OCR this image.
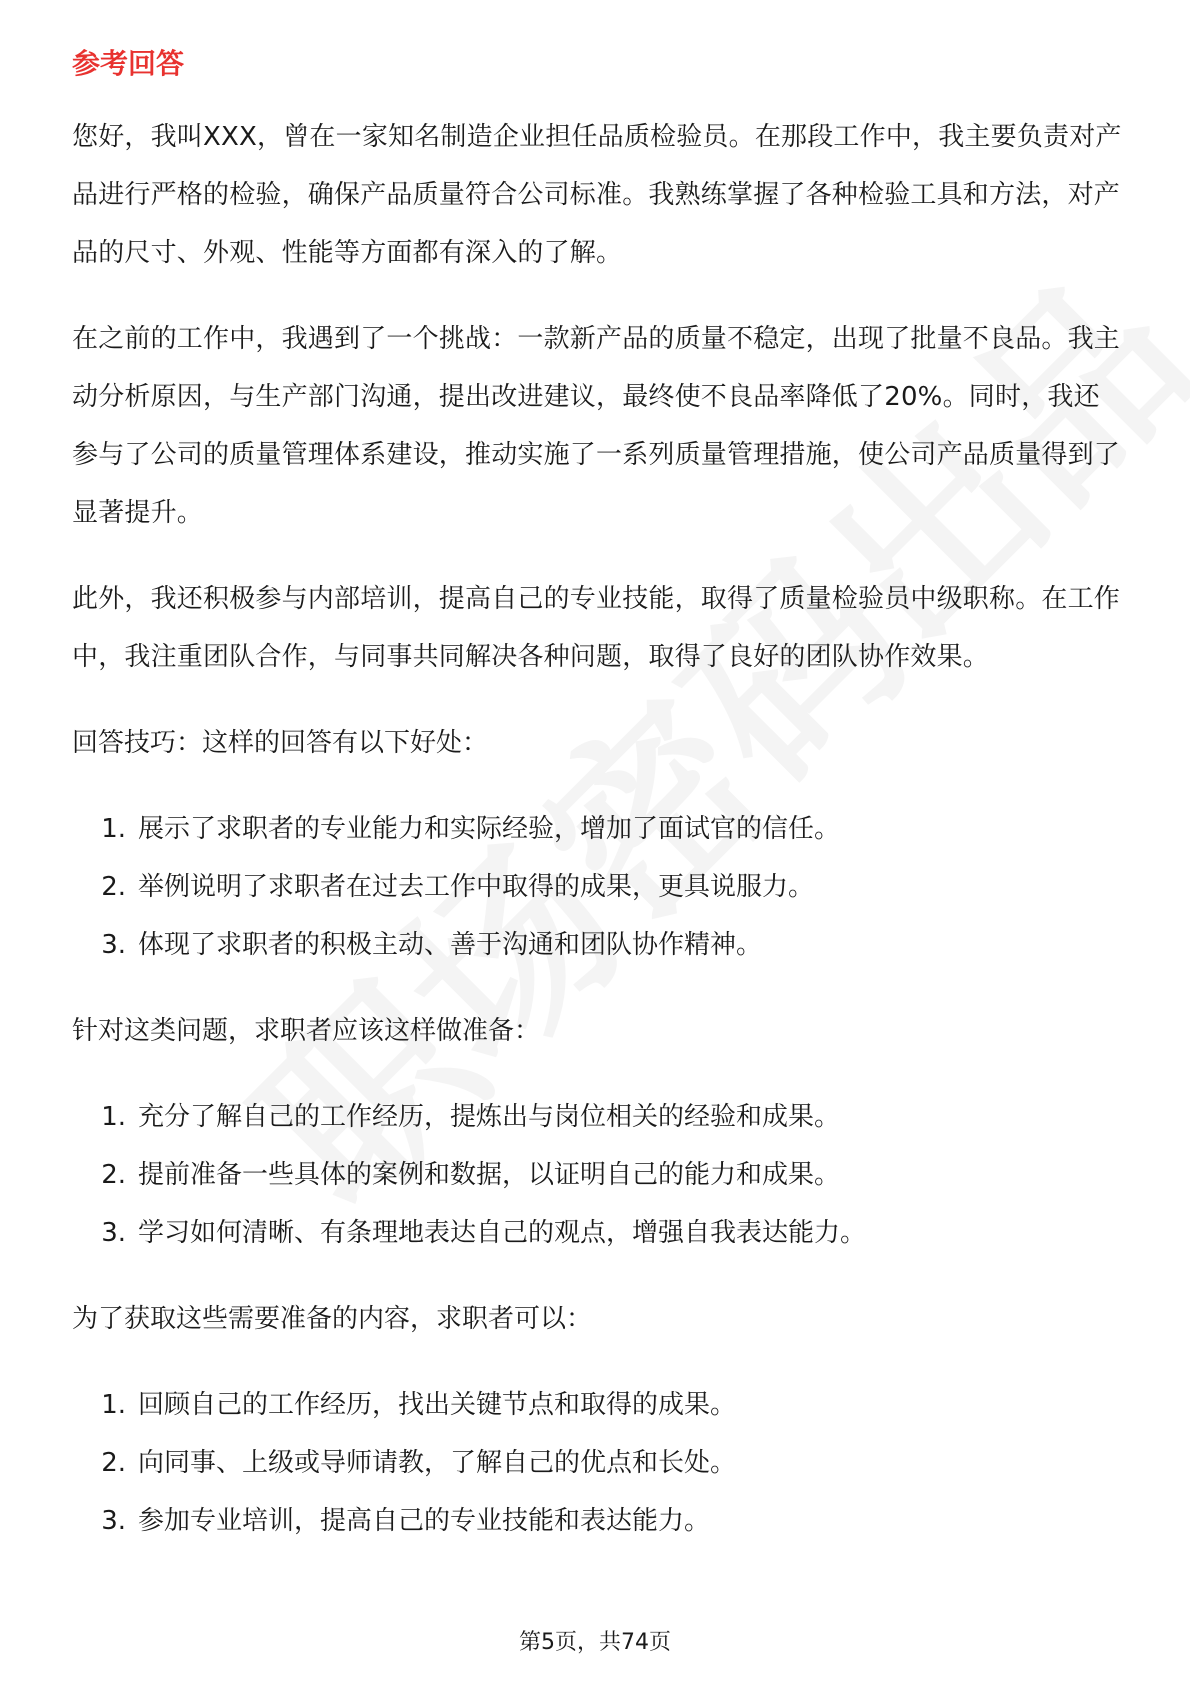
参考回答

您好，我叫XXX，曾在一家知名制造企业担任品质检验员。在那段工作中，我主要负责对产品进行严格的检验，确保产品质量符合公司标准。我熟练掌握了各种检验工具和方法，对产品的尺寸、外观、性能等方面都有深入的了解。

在之前的工作中，我遇到了一个挑战：一款新产品的质量不稳定，出现了批量不良品。我主动分析原因，与生产部门沟通，提出改进建议，最终使不良品率降低了20%。同时，我还参与了公司的质量管理体系建设，推动实施了一系列质量管理措施，使公司产品质量得到了显著提升。

此外，我还积极参与内部培训，提高自己的专业技能，取得了质量检验员中级职称。在工作中，我注重团队合作，与同事共同解决各种问题，取得了良好的团队协作效果。

回答技巧：这样的回答有以下好处：

1. 展示了求职者的专业能力和实际经验，增加了面试官的信任。
2. 举例说明了求职者在过去工作中取得的成果，更具说服力。
3. 体现了求职者的积极主动、善于沟通和团队协作精神。

针对这类问题，求职者应该这样做准备：

1. 充分了解自己的工作经历，提炼出与岗位相关的经验和成果。
2. 提前准备一些具体的案例和数据，以证明自己的能力和成果。
3. 学习如何清晰、有条理地表达自己的观点，增强自我表达能力。

为了获取这些需要准备的内容，求职者可以：

1. 回顾自己的工作经历，找出关键节点和取得的成果。
2. 向同事、上级或导师请教，了解自己的优点和长处。
3. 参加专业培训，提高自己的专业技能和表达能力。
第5页，共74页
